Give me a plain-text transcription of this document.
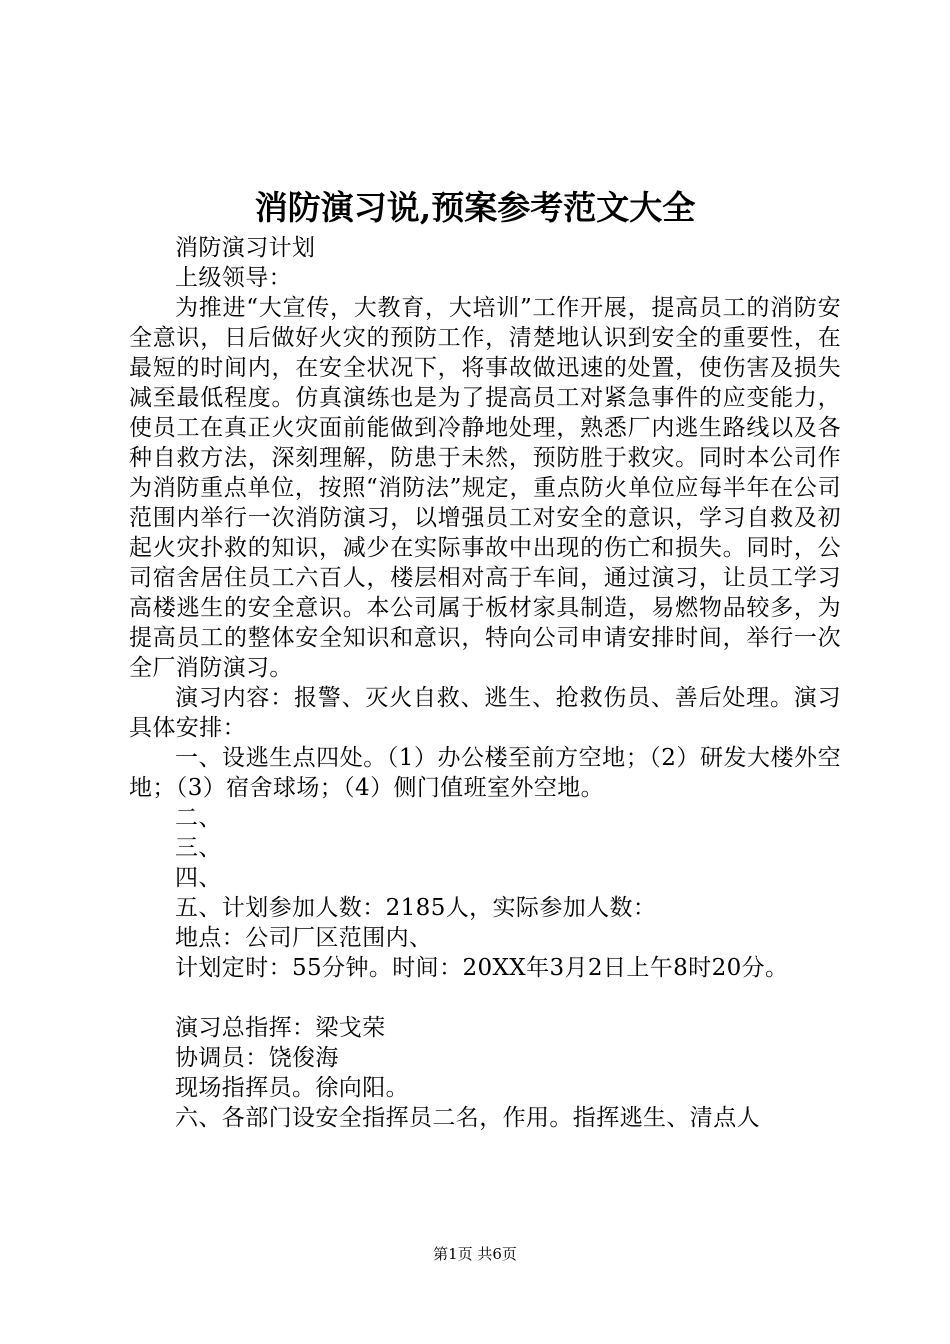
消防演习说,预案参考范文大全

消防演习计划

上级领导：

为推进“大宣传，大教育，大培训”工作开展，提高员工的消防安全意识，日后做好火灾的预防工作，清楚地认识到安全的重要性，在最短的时间内，在安全状况下，将事故做迅速的处置，使伤害及损失减至最低程度。仿真演练也是为了提高员工对紧急事件的应变能力，使员工在真正火灾面前能做到冷静地处理，熟悉厂内逃生路线以及各种自救方法，深刻理解，防患于未然，预防胜于救灾。同时本公司作为消防重点单位，按照“消防法”规定，重点防火单位应每半年在公司范围内举行一次消防演习，以增强员工对安全的意识，学习自救及初起火灾扑救的知识，减少在实际事故中出现的伤亡和损失。同时，公司宿舍居住员工六百人，楼层相对高于车间，通过演习，让员工学习高楼逃生的安全意识。本公司属于板材家具制造，易燃物品较多，为提高员工的整体安全知识和意识，特向公司申请安排时间，举行一次全厂消防演习。

演习内容：报警、灭火自救、逃生、抢救伤员、善后处理。演习具体安排：

一、设逃生点四处。（1）办公楼至前方空地；（2）研发大楼外空地；（3）宿舍球场；（4）侧门值班室外空地。

二、

三、

四、

五、计划参加人数：2185人，实际参加人数：

地点：公司厂区范围内、

计划定时：55分钟。时间：20XX年3月2日上午8时20分。

演习总指挥：梁戈荣

协调员：饶俊海

现场指挥员。徐向阳。

六、各部门设安全指挥员二名，作用。指挥逃生、清点人

第1页 共6页
